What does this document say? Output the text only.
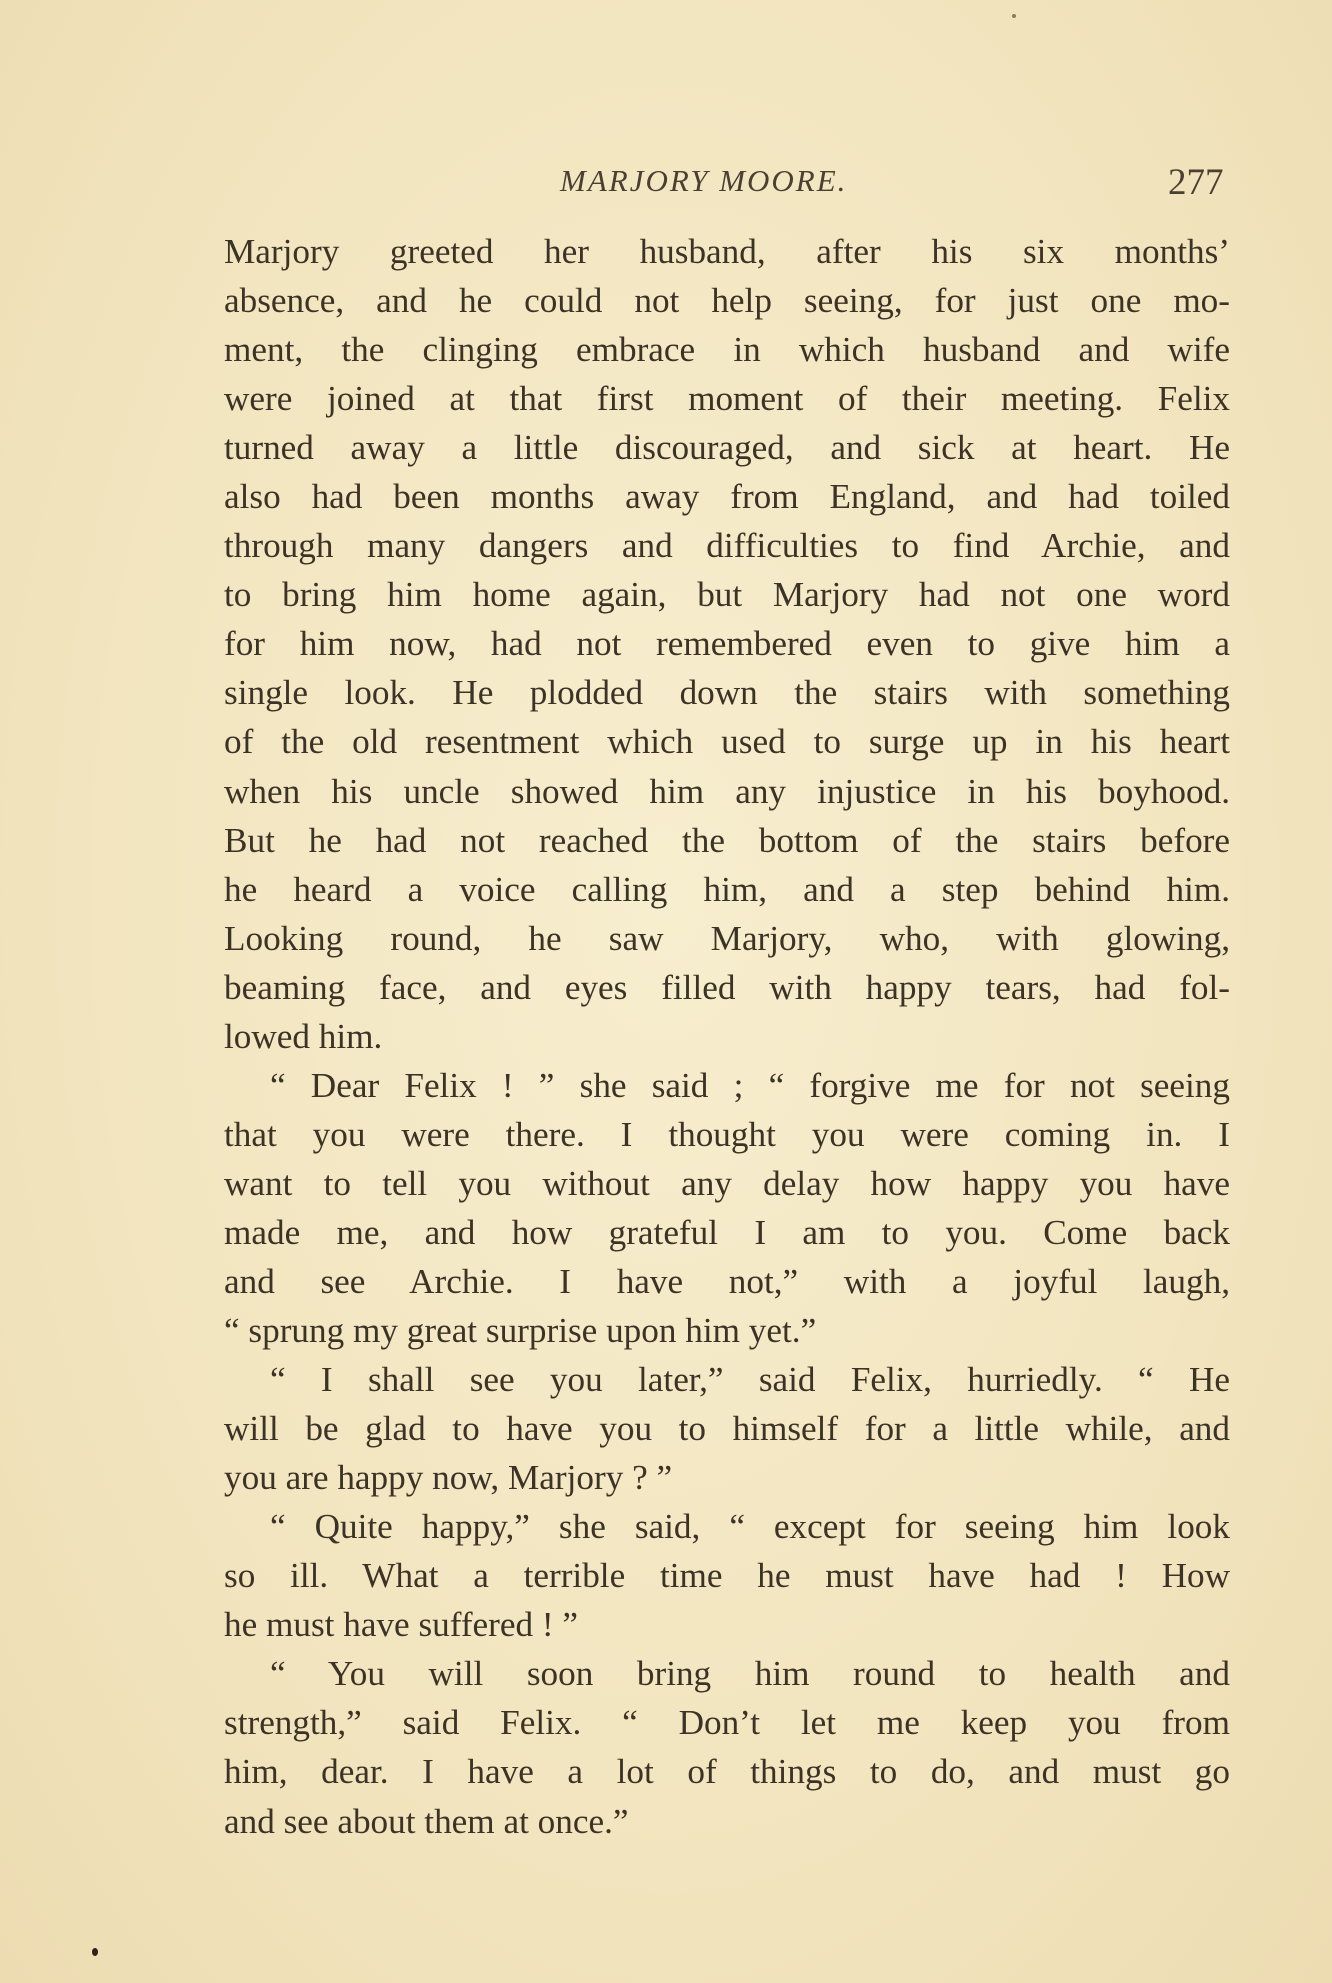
MARJORY MOORE.	277
Marjory greeted her husband, after his six months’
absence, and he could not help seeing, for just one mo-
ment, the clinging embrace in which husband and wife
were joined at that first moment of their meeting. Felix
turned away a little discouraged, and sick at heart. He
also had been months away from England, and had toiled
through many dangers and difficulties to find Archie, and
to bring him home again, but Marjory had not one word
for him now, had not remembered even to give him a
single look. He plodded down the stairs with something
of the old resentment which used to surge up in his heart
when his uncle showed him any injustice in his boyhood.
But he had not reached the bottom of the stairs before
he heard a voice calling him, and a step behind him.
Looking round, he saw Marjory, who, with glowing,
beaming face, and eyes filled with happy tears, had fol-
lowed him.
“ Dear Felix ! ” she said ; “ forgive me for not seeing
that you were there. I thought you were coming in. I
want to tell you without any delay how happy you have
made me, and how grateful I am to you. Come back
and see Archie. I have not,” with a joyful laugh,
“ sprung my great surprise upon him yet.”
“ I shall see you later,” said Felix, hurriedly. “ He
will be glad to have you to himself for a little while, and
you are happy now, Marjory ? ”
“ Quite happy,” she said, “ except for seeing him look
so ill. What a terrible time he must have had ! How
he must have suffered ! ”
“ You will soon bring him round to health and
strength,” said Felix. “ Don’t let me keep you from
him, dear. I have a lot of things to do, and must go
and see about them at once.”
